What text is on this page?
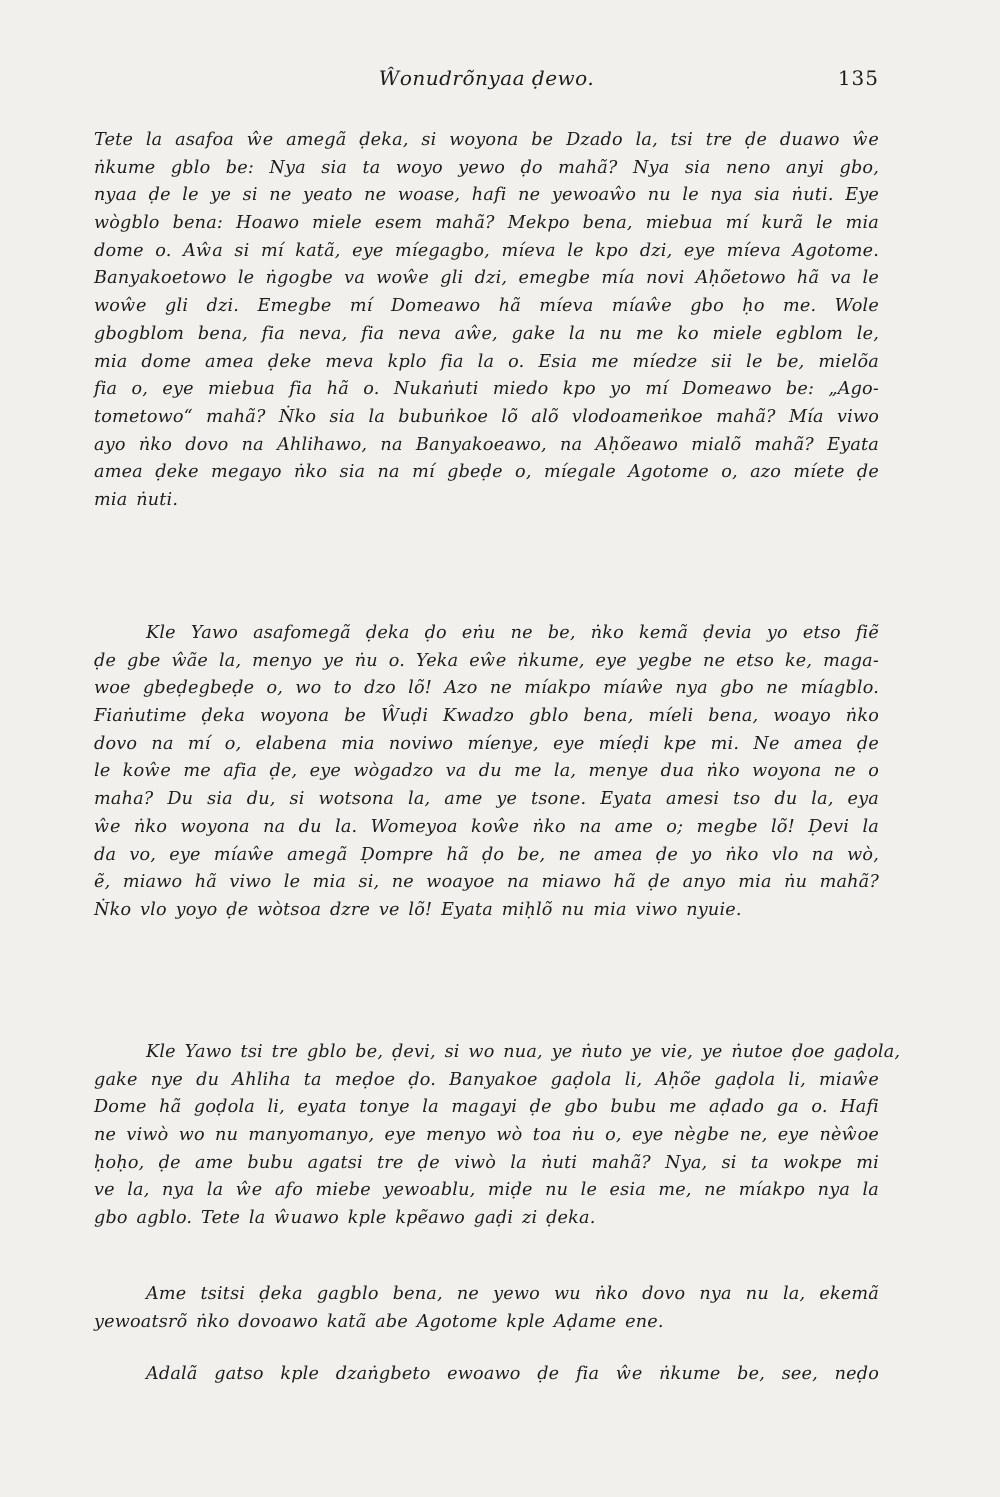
Ŵonudrõnyaa ḍewo.	135
Tete la asafoa ŵe amegã ḍeka, si woyona be Dzado la, tsi tre ḍe duawo ŵe
ṅkume gblo be: Nya sia ta woyo yewo ḍo mahã? Nya sia neno anyi gbo,
nyaa ḍe le ye si ne yeato ne woase, hafi ne yewoaŵo nu le nya sia ṅuti. Eye
wògblo bena: Hoawo miele esem mahã? Mekpo bena, miebua mí kurã le mia
dome o. Aŵa si mí katã, eye míegagbo, míeva le kpo dzi, eye míeva Agotome.
Banyakoetowo le ṅgogbe va woŵe gli dzi, emegbe mía novi Aḥõetowo hã va le
woŵe gli dzi. Emegbe mí Domeawo hã míeva míaŵe gbo ḥo me. Wole
gbogblom bena, fia neva, fia neva aŵe, gake la nu me ko miele egblom le,
mia dome amea ḍeke meva kplo fia la o. Esia me míedze sii le be, mielõa
fia o, eye miebua fia hã o. Nukaṅuti miedo kpo yo mí Domeawo be: „Ago-
tometowo“ mahã? Ṅko sia la bubuṅkoe lõ alõ vlodoameṅkoe mahã? Mía viwo
ayo ṅko dovo na Ahlihawo, na Banyakoeawo, na Aḥõeawo mialõ mahã? Eyata
amea ḍeke megayo ṅko sia na mí gbeḍe o, míegale Agotome o, azo míete ḍe
mia ṅuti.
Kle Yawo asafomegã ḍeka ḍo eṅu ne be, ṅko kemã ḍevia yo etso fiẽ
ḍe gbe ŵãe la, menyo ye ṅu o. Yeka eŵe ṅkume, eye yegbe ne etso ke, maga-
woe gbeḍegbeḍe o, wo to dzo lõ! Azo ne míakpo míaŵe nya gbo ne míagblo.
Fiaṅutime ḍeka woyona be Ŵuḍi Kwadzo gblo bena, míeli bena, woayo ṅko
dovo na mí o, elabena mia noviwo míenye, eye míeḍi kpe mi. Ne amea ḍe
le koŵe me afia ḍe, eye wògadzo va du me la, menye dua ṅko woyona ne o
maha? Du sia du, si wotsona la, ame ye tsone. Eyata amesi tso du la, eya
ŵe ṅko woyona na du la. Womeyoa koŵe ṅko na ame o; megbe lõ! Ḍevi la
da vo, eye míaŵe amegã Ḍompre hã ḍo be, ne amea ḍe yo ṅko vlo na wò,
ẽ, miawo hã viwo le mia si, ne woayoe na miawo hã ḍe anyo mia ṅu mahã?
Ṅko vlo yoyo ḍe wòtsoa dzre ve lõ! Eyata miḥlõ nu mia viwo nyuie.
Kle Yawo tsi tre gblo be, ḍevi, si wo nua, ye ṅuto ye vie, ye ṅutoe ḍoe gaḍola,
gake nye du Ahliha ta meḍoe ḍo. Banyakoe gaḍola li, Aḥõe gaḍola li, miaŵe
Dome hã goḍola li, eyata tonye la magayi ḍe gbo bubu me aḍado ga o. Hafi
ne viwò wo nu manyomanyo, eye menyo wò toa ṅu o, eye nègbe ne, eye nèŵoe
ḥoḥo, ḍe ame bubu agatsi tre ḍe viwò la ṅuti mahã? Nya, si ta wokpe mi
ve la, nya la ŵe afo miebe yewoablu, miḍe nu le esia me, ne míakpo nya la
gbo agblo. Tete la ŵuawo kple kpẽawo gaḍi zi ḍeka.
Ame tsitsi ḍeka gagblo bena, ne yewo wu ṅko dovo nya nu la, ekemã
yewoatsrõ ṅko dovoawo katã abe Agotome kple Aḍame ene.
Adalã gatso kple dzaṅgbeto ewoawo ḍe fia ŵe ṅkume be, see, neḍo
